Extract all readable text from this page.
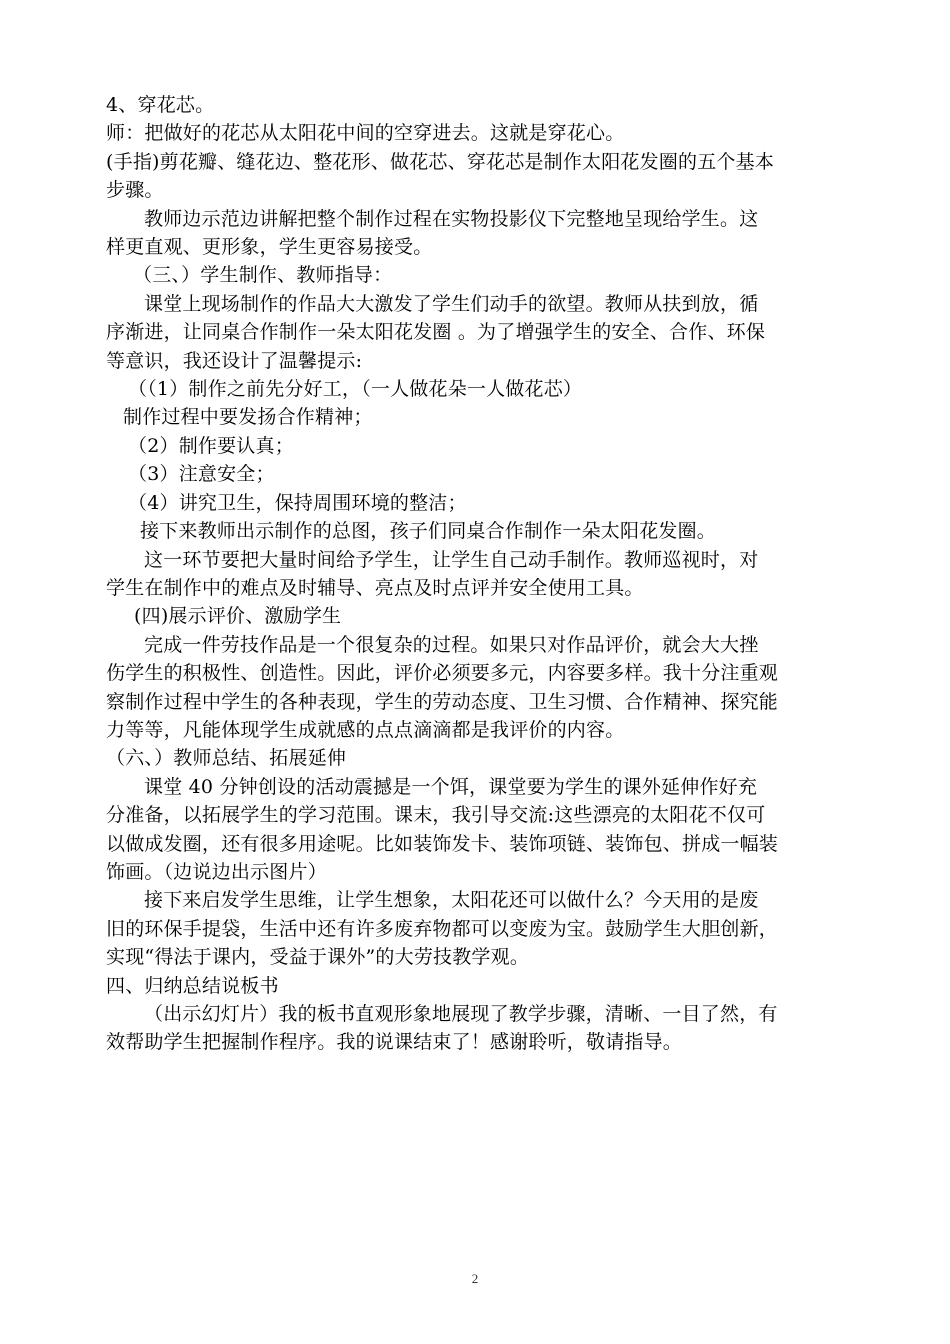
4、穿花芯。
师：把做好的花芯从太阳花中间的空穿进去。这就是穿花心。
(手指)剪花瓣、缝花边、整花形、做花芯、穿花芯是制作太阳花发圈的五个基本
步骤。
教师边示范边讲解把整个制作过程在实物投影仪下完整地呈现给学生。这
样更直观、更形象，学生更容易接受。
（三、）学生制作、教师指导：
课堂上现场制作的作品大大激发了学生们动手的欲望。教师从扶到放，循
序渐进，让同桌合作制作一朵太阳花发圈 。为了增强学生的安全、合作、环保
等意识，我还设计了温馨提示:
（（1）制作之前先分好工，（一人做花朵一人做花芯）
制作过程中要发扬合作精神；
（2）制作要认真；
（3）注意安全；
（4）讲究卫生，保持周围环境的整洁；
接下来教师出示制作的总图，孩子们同桌合作制作一朵太阳花发圈。
这一环节要把大量时间给予学生，让学生自己动手制作。教师巡视时，对
学生在制作中的难点及时辅导、亮点及时点评并安全使用工具。
(四)展示评价、激励学生
完成一件劳技作品是一个很复杂的过程。如果只对作品评价，就会大大挫
伤学生的积极性、创造性。因此，评价必须要多元，内容要多样。我十分注重观
察制作过程中学生的各种表现，学生的劳动态度、卫生习惯、合作精神、探究能
力等等，凡能体现学生成就感的点点滴滴都是我评价的内容。
（六、）教师总结、拓展延伸
课堂 40 分钟创设的活动震撼是一个饵，课堂要为学生的课外延伸作好充
分准备，以拓展学生的学习范围。课末，我引导交流:这些漂亮的太阳花不仅可
以做成发圈，还有很多用途呢。比如装饰发卡、装饰项链、装饰包、拼成一幅装
饰画。（边说边出示图片）
接下来启发学生思维，让学生想象，太阳花还可以做什么？今天用的是废
旧的环保手提袋，生活中还有许多废弃物都可以变废为宝。鼓励学生大胆创新，
实现“得法于课内，受益于课外”的大劳技教学观。
四、归纳总结说板书
（出示幻灯片）我的板书直观形象地展现了教学步骤，清晰、一目了然，有
效帮助学生把握制作程序。我的说课结束了！感谢聆听，敬请指导。
2
